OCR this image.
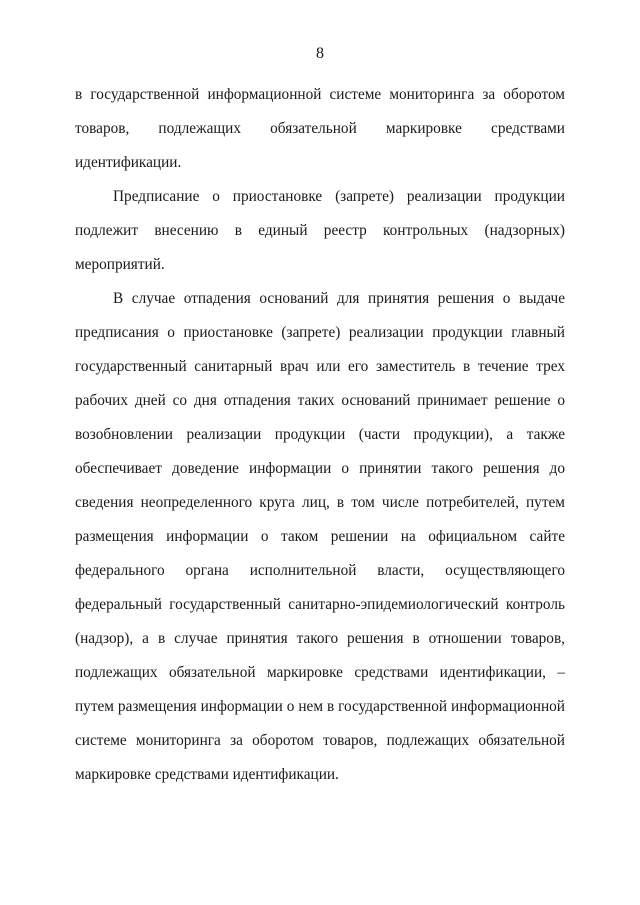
8

в государственной информационной системе мониторинга за оборотом товаров, подлежащих обязательной маркировке средствами идентификации.

Предписание о приостановке (запрете) реализации продукции подлежит внесению в единый реестр контрольных (надзорных) мероприятий.

В случае отпадения оснований для принятия решения о выдаче предписания о приостановке (запрете) реализации продукции главный государственный санитарный врач или его заместитель в течение трех рабочих дней со дня отпадения таких оснований принимает решение о возобновлении реализации продукции (части продукции), а также обеспечивает доведение информации о принятии такого решения до сведения неопределенного круга лиц, в том числе потребителей, путем размещения информации о таком решении на официальном сайте федерального органа исполнительной власти, осуществляющего федеральный государственный санитарно-эпидемиологический контроль (надзор), а в случае принятия такого решения в отношении товаров, подлежащих обязательной маркировке средствами идентификации, – путем размещения информации о нем в государственной информационной системе мониторинга за оборотом товаров, подлежащих обязательной маркировке средствами идентификации.
